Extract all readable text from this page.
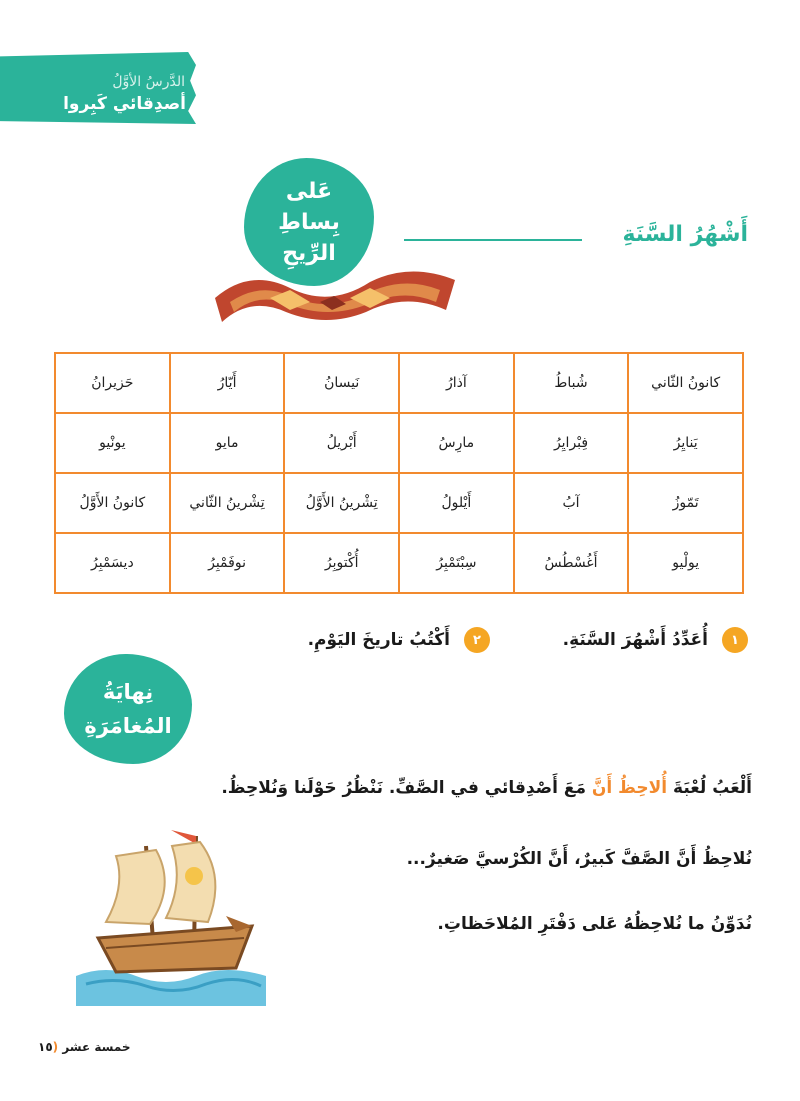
الدَّرسُ الأوَّلُ
أصدِقائي كَبِروا
عَلى
بِساطِ
الرِّيحِ
أَشْهُرُ السَّنَةِ
كانونُ الثّاني	شُباطُ	آذارُ	نَيسانُ	أَيّارُ	حَزيرانُ
يَنايِرُ	فِبْرايِرُ	مارِسُ	أَبْريلُ	مايو	يونْيو
تَمّوزُ	آبُ	أَيْلولُ	تِشْرينُ الأَوَّلُ	تِشْرينُ الثّاني	كانونُ الأَوَّلُ
يولْيو	أَغُسْطُسُ	سِبْتَمْبِرُ	أُكْتوبِرُ	نوفَمْبِرُ	ديسَمْبِرُ
١
أُعَدِّدُ أَشْهُرَ السَّنَةِ.
٢
أَكْتُبُ تاريخَ اليَوْمِ.
نِهايَةُ
المُغامَرَةِ
أَلْعَبُ لُعْبَةَ أُلاحِظُ أَنَّ مَعَ أَصْدِقائي في الصَّفِّ. نَنْظُرُ حَوْلَنا وَنُلاحِظُ.
نُلاحِظُ أَنَّ الصَّفَّ كَبيرٌ، أَنَّ الكُرْسيَّ صَغيرٌ...
نُدَوِّنُ ما نُلاحِظُهُ عَلى دَفْتَرِ المُلاحَظاتِ.
خمسة عشر (١٥
